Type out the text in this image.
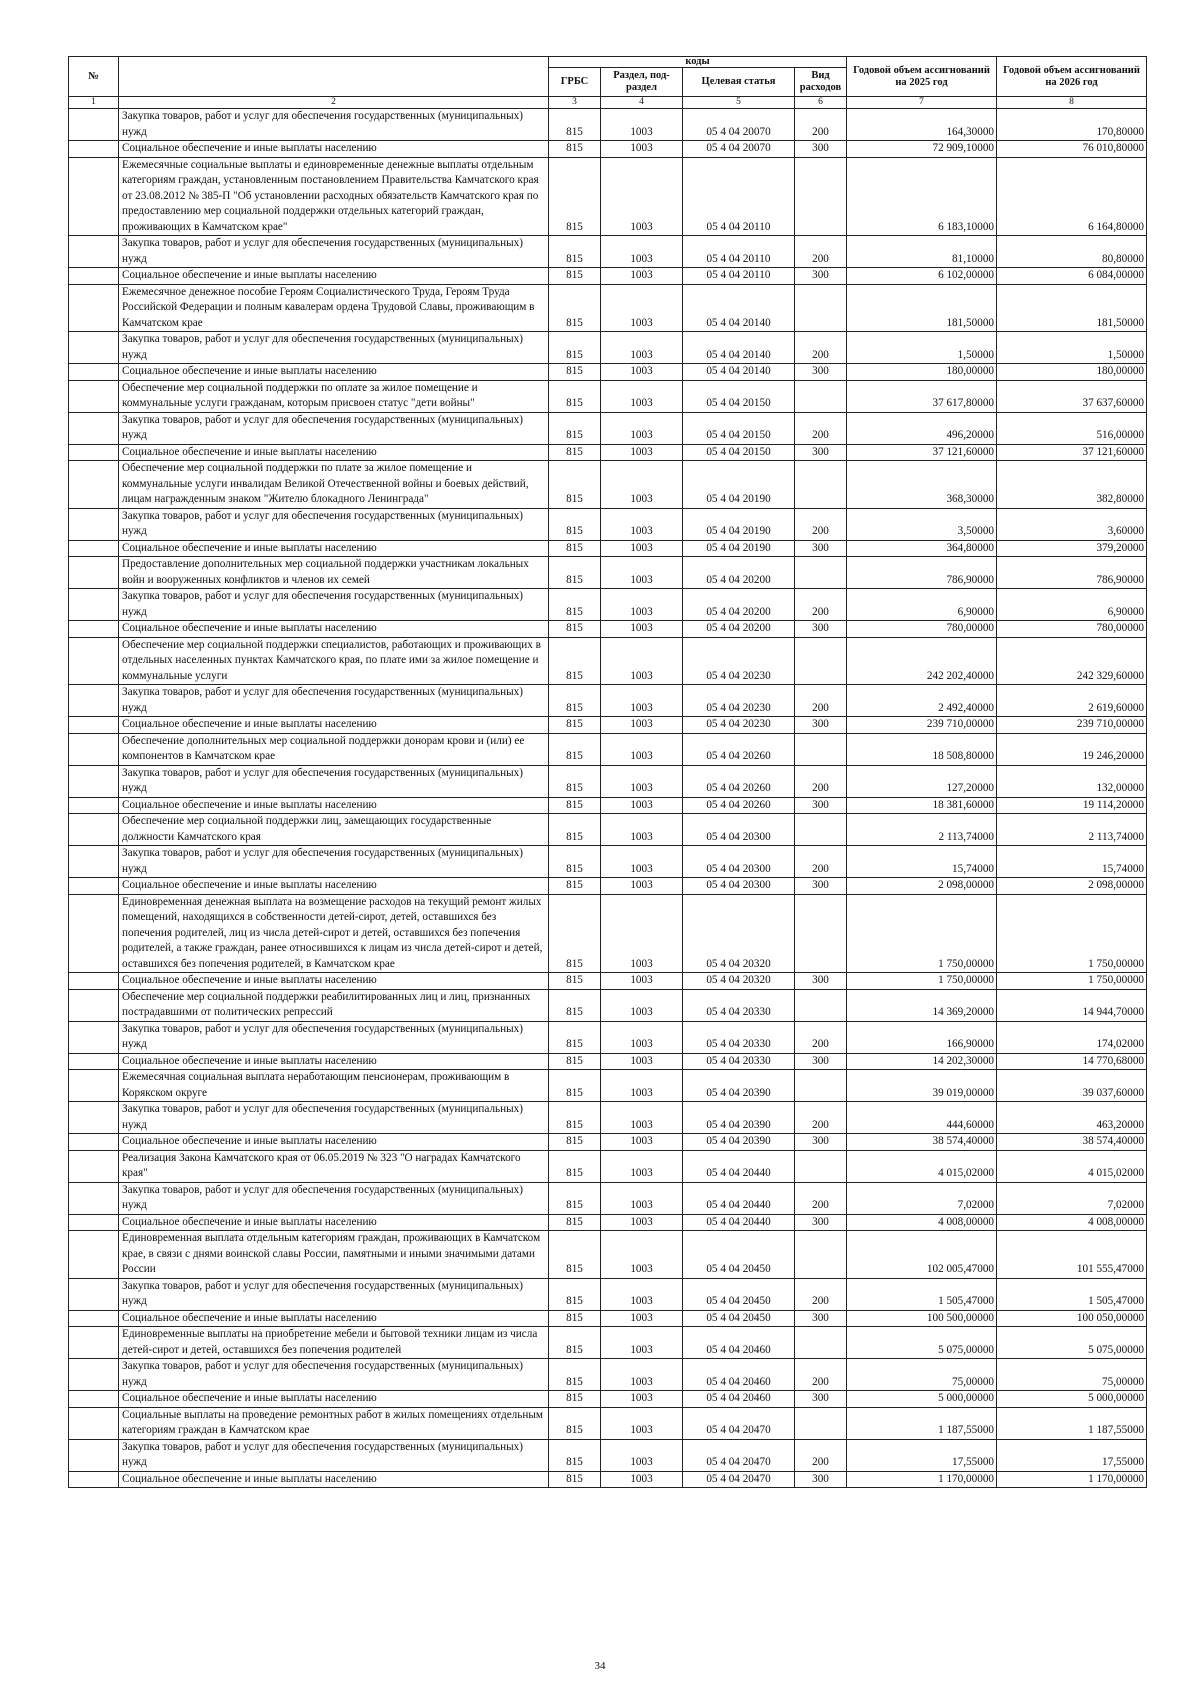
№		коды				Годовой объем ассигнований на 2025 год	Годовой объем ассигнований на 2026 год
		ГРБС	Раздел, под-раздел	Целевая статья	Вид расходов		
1	2	3	4	5	6	7	8
	Закупка товаров, работ и услуг для обеспечения государственных (муниципальных) нужд	815	1003	05 4 04 20070	200	164,30000	170,80000
	Социальное обеспечение и иные выплаты населению	815	1003	05 4 04 20070	300	72 909,10000	76 010,80000
	Ежемесячные социальные выплаты и единовременные денежные выплаты отдельным категориям граждан, установленным постановлением Правительства Камчатского края от 23.08.2012 № 385-П "Об установлении расходных обязательств Камчатского края по предоставлению мер социальной поддержки отдельных категорий граждан, проживающих в Камчатском крае"	815	1003	05 4 04 20110		6 183,10000	6 164,80000
	Закупка товаров, работ и услуг для обеспечения государственных (муниципальных) нужд	815	1003	05 4 04 20110	200	81,10000	80,80000
	Социальное обеспечение и иные выплаты населению	815	1003	05 4 04 20110	300	6 102,00000	6 084,00000
	Ежемесячное денежное пособие Героям Социалистического Труда, Героям Труда Российской Федерации и полным кавалерам ордена Трудовой Славы, проживающим в Камчатском крае	815	1003	05 4 04 20140		181,50000	181,50000
	Закупка товаров, работ и услуг для обеспечения государственных (муниципальных) нужд	815	1003	05 4 04 20140	200	1,50000	1,50000
	Социальное обеспечение и иные выплаты населению	815	1003	05 4 04 20140	300	180,00000	180,00000
	Обеспечение мер социальной поддержки по оплате за жилое помещение и коммунальные услуги гражданам, которым присвоен статус "дети войны"	815	1003	05 4 04 20150		37 617,80000	37 637,60000
	Закупка товаров, работ и услуг для обеспечения государственных (муниципальных) нужд	815	1003	05 4 04 20150	200	496,20000	516,00000
	Социальное обеспечение и иные выплаты населению	815	1003	05 4 04 20150	300	37 121,60000	37 121,60000
	Обеспечение мер социальной поддержки по плате за жилое помещение и коммунальные услуги инвалидам Великой Отечественной войны и боевых действий, лицам награжденным знаком "Жителю блокадного Ленинграда"	815	1003	05 4 04 20190		368,30000	382,80000
	Закупка товаров, работ и услуг для обеспечения государственных (муниципальных) нужд	815	1003	05 4 04 20190	200	3,50000	3,60000
	Социальное обеспечение и иные выплаты населению	815	1003	05 4 04 20190	300	364,80000	379,20000
	Предоставление дополнительных мер социальной поддержки участникам локальных войн и вооруженных конфликтов и членов их семей	815	1003	05 4 04 20200		786,90000	786,90000
	Закупка товаров, работ и услуг для обеспечения государственных (муниципальных) нужд	815	1003	05 4 04 20200	200	6,90000	6,90000
	Социальное обеспечение и иные выплаты населению	815	1003	05 4 04 20200	300	780,00000	780,00000
	Обеспечение мер социальной поддержки специалистов, работающих и проживающих в отдельных населенных пунктах Камчатского края, по плате ими за жилое помещение и коммунальные услуги	815	1003	05 4 04 20230		242 202,40000	242 329,60000
	Закупка товаров, работ и услуг для обеспечения государственных (муниципальных) нужд	815	1003	05 4 04 20230	200	2 492,40000	2 619,60000
	Социальное обеспечение и иные выплаты населению	815	1003	05 4 04 20230	300	239 710,00000	239 710,00000
	Обеспечение дополнительных мер социальной поддержки донорам крови и (или) ее компонентов в Камчатском крае	815	1003	05 4 04 20260		18 508,80000	19 246,20000
	Закупка товаров, работ и услуг для обеспечения государственных (муниципальных) нужд	815	1003	05 4 04 20260	200	127,20000	132,00000
	Социальное обеспечение и иные выплаты населению	815	1003	05 4 04 20260	300	18 381,60000	19 114,20000
	Обеспечение мер социальной поддержки лиц, замещающих государственные должности Камчатского края	815	1003	05 4 04 20300		2 113,74000	2 113,74000
	Закупка товаров, работ и услуг для обеспечения государственных (муниципальных) нужд	815	1003	05 4 04 20300	200	15,74000	15,74000
	Социальное обеспечение и иные выплаты населению	815	1003	05 4 04 20300	300	2 098,00000	2 098,00000
	Единовременная денежная выплата на возмещение расходов на текущий ремонт жилых помещений, находящихся в собственности детей-сирот, детей, оставшихся без попечения родителей, лиц из числа детей-сирот и детей, оставшихся без попечения родителей, а также граждан, ранее относившихся к лицам из числа детей-сирот и детей, оставшихся без попечения родителей, в Камчатском крае	815	1003	05 4 04 20320		1 750,00000	1 750,00000
	Социальное обеспечение и иные выплаты населению	815	1003	05 4 04 20320	300	1 750,00000	1 750,00000
	Обеспечение мер социальной поддержки реабилитированных лиц и лиц, признанных пострадавшими от политических репрессий	815	1003	05 4 04 20330		14 369,20000	14 944,70000
	Закупка товаров, работ и услуг для обеспечения государственных (муниципальных) нужд	815	1003	05 4 04 20330	200	166,90000	174,02000
	Социальное обеспечение и иные выплаты населению	815	1003	05 4 04 20330	300	14 202,30000	14 770,68000
	Ежемесячная социальная выплата неработающим пенсионерам, проживающим в Корякском округе	815	1003	05 4 04 20390		39 019,00000	39 037,60000
	Закупка товаров, работ и услуг для обеспечения государственных (муниципальных) нужд	815	1003	05 4 04 20390	200	444,60000	463,20000
	Социальное обеспечение и иные выплаты населению	815	1003	05 4 04 20390	300	38 574,40000	38 574,40000
	Реализация Закона Камчатского края от 06.05.2019 № 323 "О наградах Камчатского края"	815	1003	05 4 04 20440		4 015,02000	4 015,02000
	Закупка товаров, работ и услуг для обеспечения государственных (муниципальных) нужд	815	1003	05 4 04 20440	200	7,02000	7,02000
	Социальное обеспечение и иные выплаты населению	815	1003	05 4 04 20440	300	4 008,00000	4 008,00000
	Единовременная выплата отдельным категориям граждан, проживающих в Камчатском крае, в связи с днями воинской славы России, памятными и иными значимыми датами России	815	1003	05 4 04 20450		102 005,47000	101 555,47000
	Закупка товаров, работ и услуг для обеспечения государственных (муниципальных) нужд	815	1003	05 4 04 20450	200	1 505,47000	1 505,47000
	Социальное обеспечение и иные выплаты населению	815	1003	05 4 04 20450	300	100 500,00000	100 050,00000
	Единовременные выплаты на приобретение мебели и бытовой техники лицам из числа детей-сирот и детей, оставшихся без попечения родителей	815	1003	05 4 04 20460		5 075,00000	5 075,00000
	Закупка товаров, работ и услуг для обеспечения государственных (муниципальных) нужд	815	1003	05 4 04 20460	200	75,00000	75,00000
	Социальное обеспечение и иные выплаты населению	815	1003	05 4 04 20460	300	5 000,00000	5 000,00000
	Социальные выплаты на проведение ремонтных работ в жилых помещениях отдельным категориям граждан в Камчатском крае	815	1003	05 4 04 20470		1 187,55000	1 187,55000
	Закупка товаров, работ и услуг для обеспечения государственных (муниципальных) нужд	815	1003	05 4 04 20470	200	17,55000	17,55000
	Социальное обеспечение и иные выплаты населению	815	1003	05 4 04 20470	300	1 170,00000	1 170,00000
34
